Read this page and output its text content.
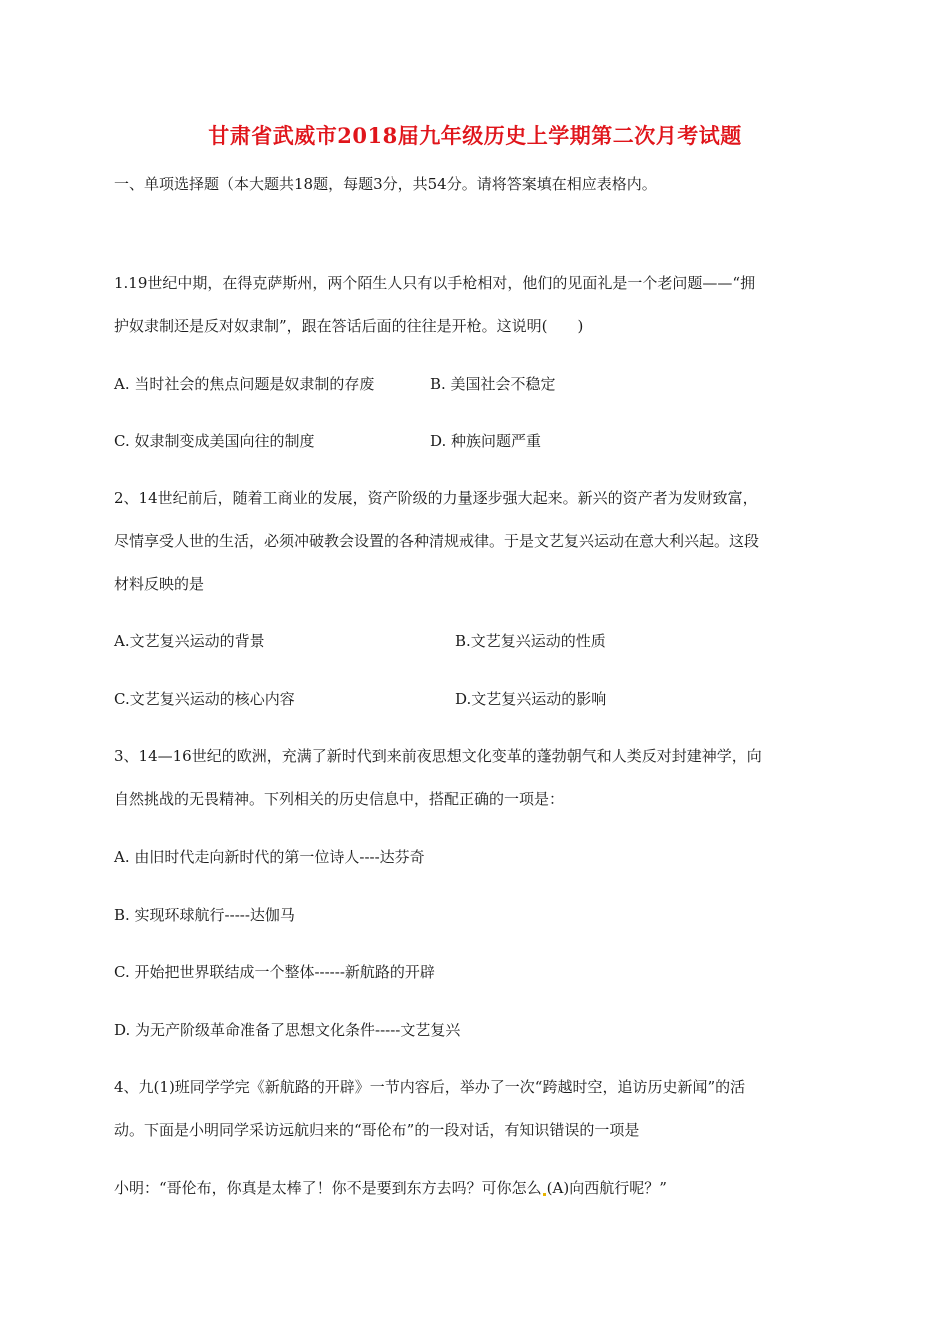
甘肃省武威市2018届九年级历史上学期第二次月考试题
一、单项选择题（本大题共18题，每题3分，共54分。请将答案填在相应表格内。
1.19世纪中期，在得克萨斯州，两个陌生人只有以手枪相对，他们的见面礼是一个老问题——“拥
护奴隶制还是反对奴隶制”，跟在答话后面的往往是开枪。这说明(　　)
A. 当时社会的焦点问题是奴隶制的存废	B. 美国社会不稳定
C. 奴隶制变成美国向往的制度	D. 种族问题严重
2、14世纪前后，随着工商业的发展，资产阶级的力量逐步强大起来。新兴的资产者为发财致富，
尽情享受人世的生活，必须冲破教会设置的各种清规戒律。于是文艺复兴运动在意大利兴起。这段
材料反映的是
A.文艺复兴运动的背景	B.文艺复兴运动的性质
C.文艺复兴运动的核心内容	D.文艺复兴运动的影响
3、14—16世纪的欧洲，充满了新时代到来前夜思想文化变革的蓬勃朝气和人类反对封建神学，向
自然挑战的无畏精神。下列相关的历史信息中，搭配正确的一项是：
A. 由旧时代走向新时代的第一位诗人----达芬奇
B. 实现环球航行-----达伽马
C. 开始把世界联结成一个整体------新航路的开辟
D. 为无产阶级革命准备了思想文化条件-----文艺复兴
4、九(1)班同学学完《新航路的开辟》一节内容后，举办了一次“跨越时空，追访历史新闻”的活
动。下面是小明同学采访远航归来的“哥伦布”的一段对话，有知识错误的一项是
小明：“哥伦布，你真是太棒了！你不是要到东方去吗？可你怎么 (A)向西航行呢？”
